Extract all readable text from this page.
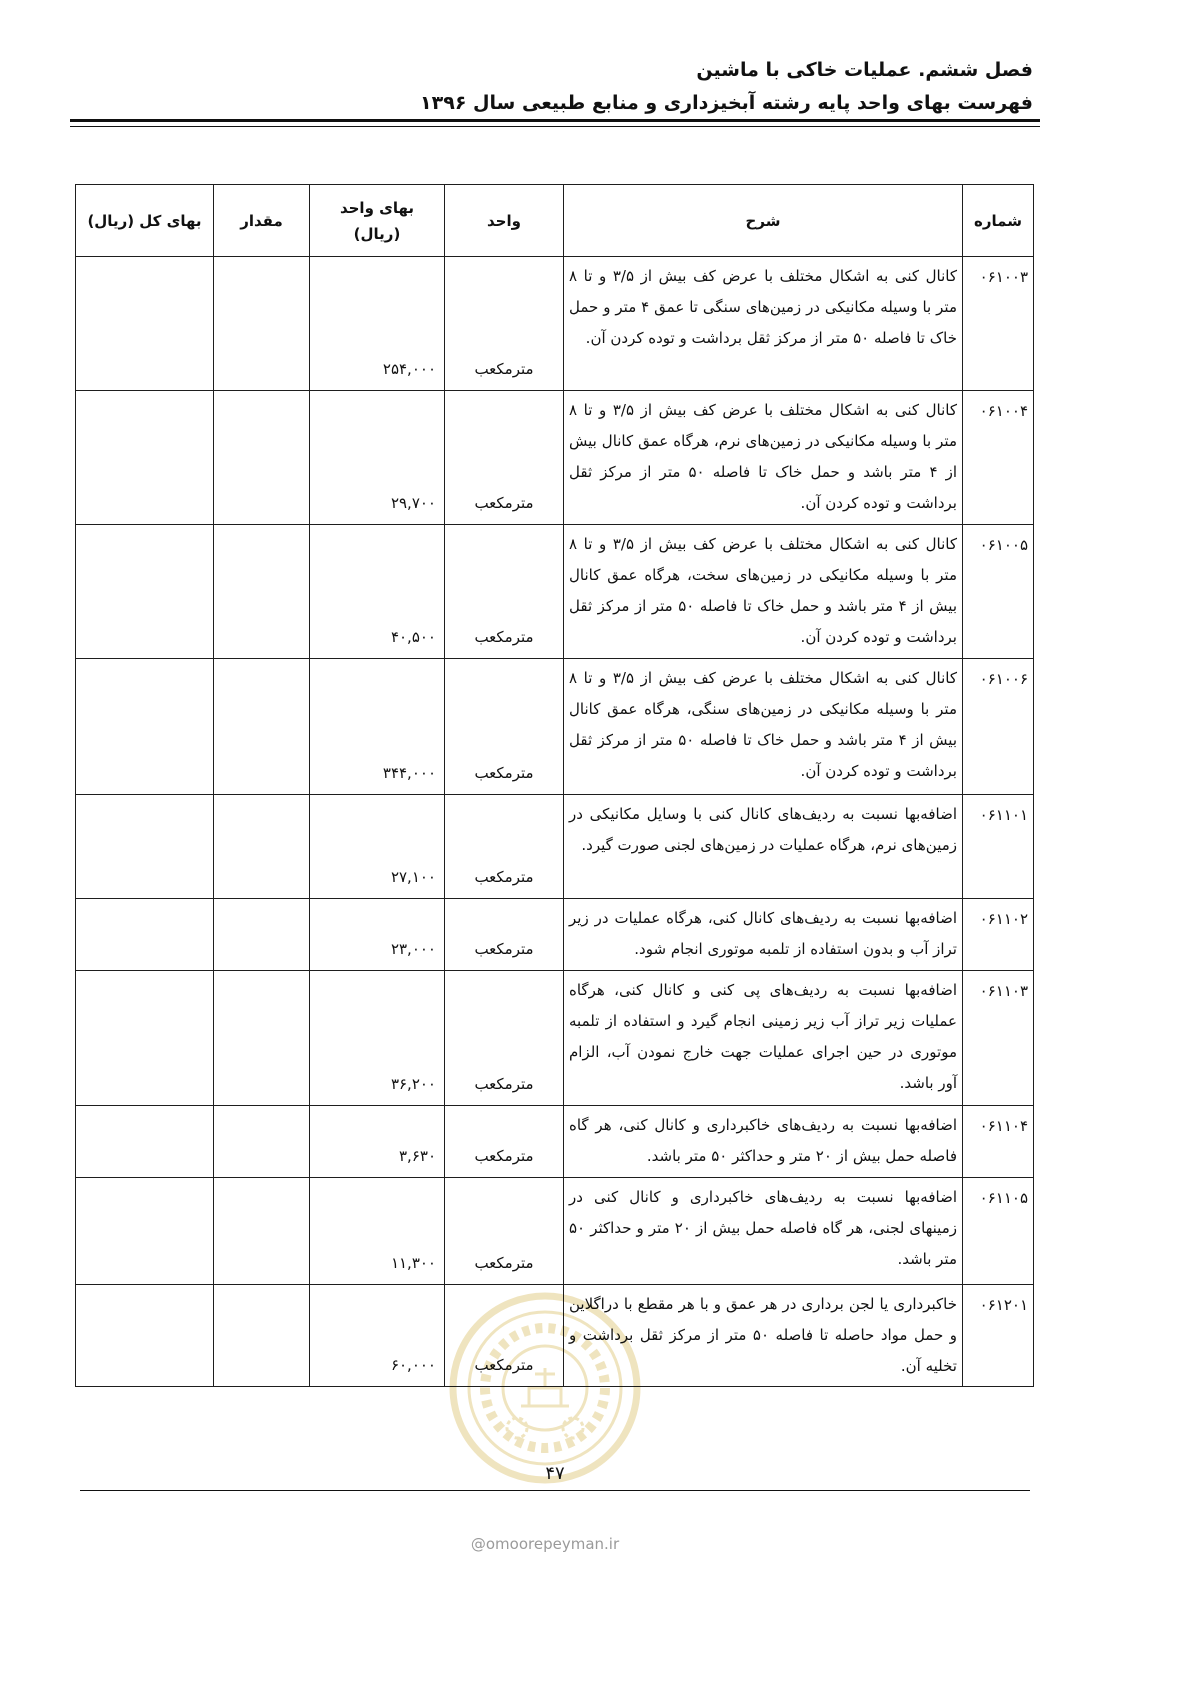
فصل ششم. عملیات خاکی با ماشین
فهرست بهای واحد پایه رشته آبخیزداری و منابع طبیعی سال ۱۳۹۶
شماره	شرح	واحد	بهای واحد
(ریال)	مقدار	بهای کل (ریال)
۰۶۱۰۰۳	کانال کنی به اشکال مختلف با عرض کف بیش از ۳/۵ و تا ۸ متر با وسیله مکانیکی در زمین‌های سنگی تا عمق ۴ متر و حمل خاک تا فاصله ۵۰ متر از مرکز ثقل برداشت و توده کردن آن.	مترمکعب	۲۵۴,۰۰۰		
۰۶۱۰۰۴	کانال کنی به اشکال مختلف با عرض کف بیش از ۳/۵ و تا ۸ متر با وسیله مکانیکی در زمین‌های نرم، هرگاه عمق کانال بیش از ۴ متر باشد و حمل خاک تا فاصله ۵۰ متر از مرکز ثقل برداشت و توده کردن آن.	مترمکعب	۲۹,۷۰۰		
۰۶۱۰۰۵	کانال کنی به اشکال مختلف با عرض کف بیش از ۳/۵ و تا ۸ متر با وسیله مکانیکی در زمین‌های سخت، هرگاه عمق کانال بیش از ۴ متر باشد و حمل خاک تا فاصله ۵۰ متر از مرکز ثقل برداشت و توده کردن آن.	مترمکعب	۴۰,۵۰۰		
۰۶۱۰۰۶	کانال کنی به اشکال مختلف با عرض کف بیش از ۳/۵ و تا ۸ متر با وسیله مکانیکی در زمین‌های سنگی، هرگاه عمق کانال بیش از ۴ متر باشد و حمل خاک تا فاصله ۵۰ متر از مرکز ثقل برداشت و توده کردن آن.	مترمکعب	۳۴۴,۰۰۰		
۰۶۱۱۰۱	اضافه‌بها نسبت به ردیف‌های کانال کنی با وسایل مکانیکی در زمین‌های نرم، هرگاه عملیات در زمین‌های لجنی صورت گیرد.	مترمکعب	۲۷,۱۰۰		
۰۶۱۱۰۲	اضافه‌بها نسبت به ردیف‌های کانال کنی، هرگاه عملیات در زیر تراز آب و بدون استفاده از تلمبه موتوری انجام شود.	مترمکعب	۲۳,۰۰۰		
۰۶۱۱۰۳	اضافه‌بها نسبت به ردیف‌های پی کنی و کانال کنی، هرگاه عملیات زیر تراز آب زیر زمینی انجام گیرد و استفاده از تلمبه موتوری در حین اجرای عملیات جهت خارج نمودن آب، الزام آور باشد.	مترمکعب	۳۶,۲۰۰		
۰۶۱۱۰۴	اضافه‌بها نسبت به ردیف‌های خاکبرداری و کانال کنی، هر گاه فاصله حمل بیش از ۲۰ متر و حداکثر ۵۰ متر باشد.	مترمکعب	۳,۶۳۰		
۰۶۱۱۰۵	اضافه‌بها نسبت به ردیف‌های خاکبرداری و کانال کنی در زمینهای لجنی، هر گاه فاصله حمل بیش از ۲۰ متر و حداکثر ۵۰ متر باشد.	مترمکعب	۱۱,۳۰۰		
۰۶۱۲۰۱	خاکبرداری یا لجن برداری در هر عمق و با هر مقطع با دراگلاین و حمل مواد حاصله تا فاصله ۵۰ متر از مرکز ثقل برداشت و تخلیه آن.	مترمکعب	۶۰,۰۰۰		
۴۷
@omoorepeyman.ir
